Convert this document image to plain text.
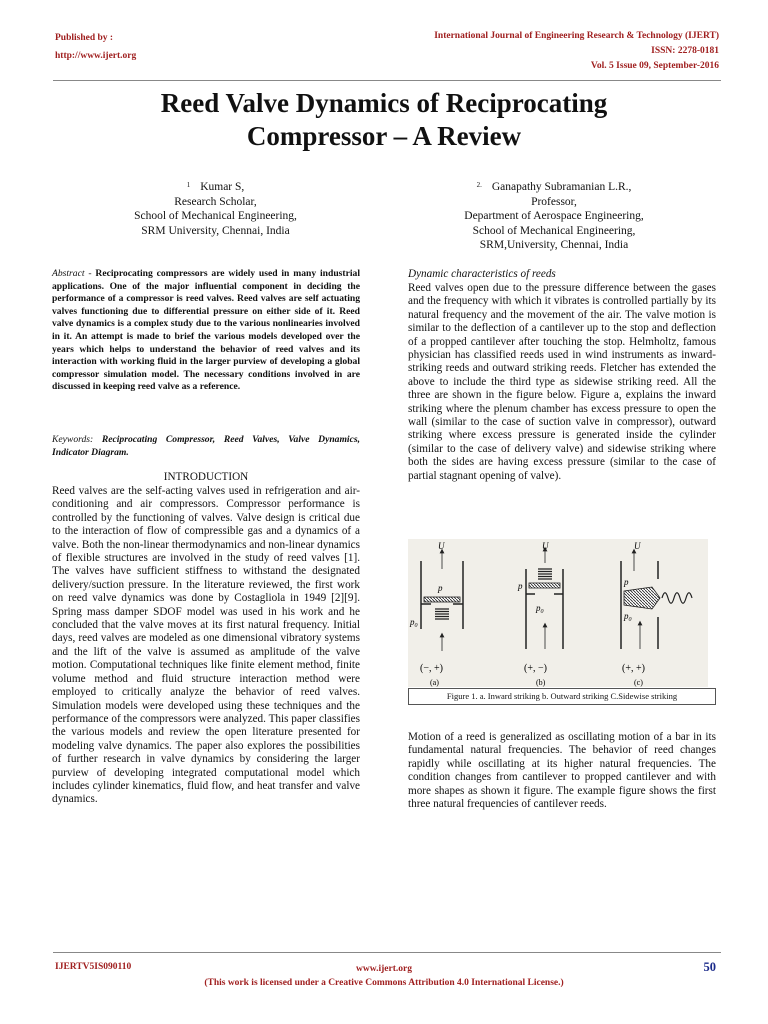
Published by :
http://www.ijert.org
International Journal of Engineering Research & Technology (IJERT)
ISSN: 2278-0181
Vol. 5 Issue 09, September-2016
Reed Valve Dynamics of Reciprocating
Compressor – A Review
$^1$ Kumar S,
Research Scholar,
School of Mechanical Engineering,
SRM University, Chennai, India
$^{2.}$ Ganapathy Subramanian L.R.,
Professor,
Department of Aerospace Engineering,
School of Mechanical Engineering,
SRM,University, Chennai, India
Abstract - Reciprocating compressors are widely used in many industrial applications. One of the major influential component in deciding the performance of a compressor is reed valves. Reed valves are self actuating valves functioning due to differential pressure on either side of it. Reed valve dynamics is a complex study due to the various nonlinearies involved in it. An attempt is made to brief the various models developed over the years which helps to understand the behavior of reed valves and its interaction with working fluid in the larger purview of developing a global compressor simulation model. The necessary conditions involved in are discussed in keeping reed valve as a reference.
Keywords: Reciprocating Compressor, Reed Valves, Valve Dynamics, Indicator Diagram.
INTRODUCTION
Reed valves are the self-acting valves used in refrigeration and air-conditioning and air compressors. Compressor performance is controlled by the functioning of valves. Valve design is critical due to the interaction of flow of compressible gas and a dynamics of a valve. Both the non-linear thermodynamics and non-linear dynamics of flexible structures are involved in the study of reed valves [1]. The valves have sufficient stiffness to withstand the designated delivery/suction pressure. In the literature reviewed, the first work on reed valve dynamics was done by Costagliola in 1949 [2][9]. Spring mass damper SDOF model was used in his work and he concluded that the valve moves at its first natural frequency. Initial days, reed valves are modeled as one dimensional vibratory systems and the lift of the valve is assumed as amplitude of the valve motion. Computational techniques like finite element method, finite volume method and fluid structure interaction method were employed to critically analyze the behavior of reed valves. Simulation models were developed using these techniques and the performance of the compressors were analyzed. This paper classifies the various models and review the open literature presented for modeling valve dynamics. The paper also explores the possibilities of further research in valve dynamics by considering the larger purview of developing integrated computational model which includes cylinder kinematics, fluid flow, and heat transfer and valve dynamics.
Dynamic characteristics of reeds
Reed valves open due to the pressure difference between the gases and the frequency with which it vibrates is controlled partially by its natural frequency and the movement of the air. The valve motion is similar to the deflection of a cantilever up to the stop and deflection of a propped cantilever after touching the stop. Helmholtz, famous physician has classified reeds used in wind instruments as inward-striking reeds and outward striking reeds. Fletcher has extended the above to include the third type as sidewise striking reed. All the three are shown in the figure below. Figure a, explains the inward striking where the plenum chamber has excess pressure to open the wall (similar to the case of suction valve in compressor), outward striking where excess pressure is generated inside the cylinder (similar to the case of delivery valve) and sidewise striking where both the sides are having excess pressure (similar to the case of partial stagnant opening of valve).
U
p
$p_0$
(−, +)
(a)
U
p
$p_0$
(+, −)
(b)
U
p
$p_0$
(+, +)
(c)
Figure 1. a. Inward striking b. Outward striking C.Sidewise striking
Motion of a reed is generalized as oscillating motion of a bar in its fundamental natural frequencies. The behavior of reed changes rapidly while oscillating at its higher natural frequencies. The condition changes from cantilever to propped cantilever and with more shapes as shown it figure. The example figure shows the first three natural frequencies of cantilever reeds.
IJERTV5IS090110	www.ijert.org
(This work is licensed under a Creative Commons Attribution 4.0 International License.)
50
